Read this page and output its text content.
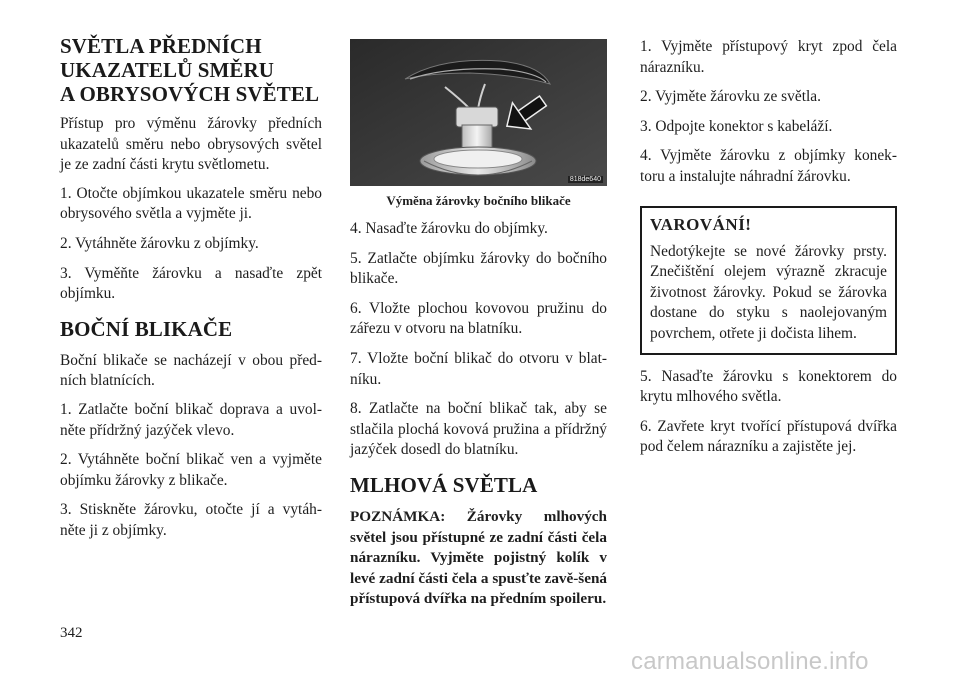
SVĚTLA PŘEDNÍCH
UKAZATELŮ SMĚRU
A OBRYSOVÝCH SVĚTEL

Přístup pro výměnu žárovky předních ukazatelů směru nebo obrysových světel je ze zadní části krytu světlometu.

1. Otočte objímkou ukazatele směru nebo obrysového světla a vyjměte ji.

2. Vytáhněte žárovku z objímky.

3. Vyměňte žárovku a nasaďte zpět objímku.

BOČNÍ BLIKAČE

Boční blikače se nacházejí v obou před-ních blatnících.

1. Zatlačte boční blikač doprava a uvol-něte přídržný jazýček vlevo.

2. Vytáhněte boční blikač ven a vyjměte objímku žárovky z blikače.

3. Stiskněte žárovku, otočte jí a vytáh-něte ji z objímky.

818de640
Výměna žárovky bočního blikače

4. Nasaďte žárovku do objímky.

5. Zatlačte objímku žárovky do bočního blikače.

6. Vložte plochou kovovou pružinu do zářezu v otvoru na blatníku.

7. Vložte boční blikač do otvoru v blat-níku.

8. Zatlačte na boční blikač tak, aby se stlačila plochá kovová pružina a přídržný jazýček dosedl do blatníku.

MLHOVÁ SVĚTLA

POZNÁMKA: Žárovky mlhových světel jsou přístupné ze zadní části čela nárazníku. Vyjměte pojistný kolík v levé zadní části čela a spusťte zavě-šená přístupová dvířka na předním spoileru.

1. Vyjměte přístupový kryt zpod čela nárazníku.

2. Vyjměte žárovku ze světla.

3. Odpojte konektor s kabeláží.

4. Vyjměte žárovku z objímky konek-toru a instalujte náhradní žárovku.

VAROVÁNÍ!

Nedotýkejte se nové žárovky prsty. Znečištění olejem výrazně zkracuje životnost žárovky. Pokud se žárovka dostane do styku s naolejovaným povrchem, otřete ji dočista lihem.

5. Nasaďte žárovku s konektorem do krytu mlhového světla.

6. Zavřete kryt tvořící přístupová dvířka pod čelem nárazníku a zajistěte jej.

342
carmanualsonline.info
